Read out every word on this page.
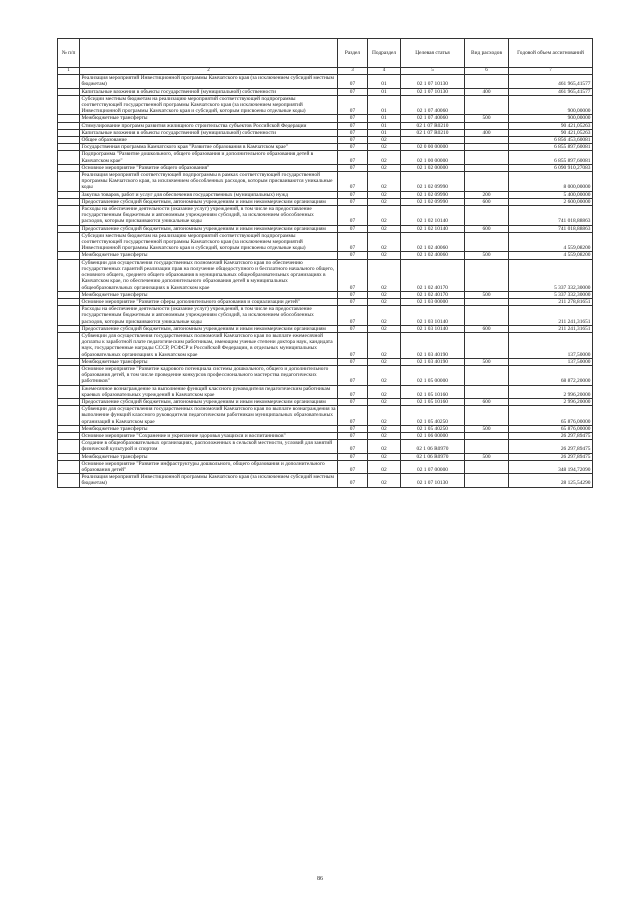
№ п/п		Раздел	Подраздел	Целевая статья	Вид расходов	Годовой объем ассигнований
1	2	3	4	5	6	7
	Реализация мероприятий Инвестиционной программы Камчатского края (за исключением субсидий местным бюджетам)	07	01	02 1 07 10130		461 965,41577
	Капитальные вложения в объекты государственной (муниципальной) собственности	07	01	02 1 07 10130	400	461 965,41577
	Субсидии местным бюджетам на реализацию мероприятий соответствующей подпрограммы соответствующей государственной программы Камчатского края (за исключением мероприятий Инвестиционной программы Камчатского края и субсидий, которым присвоены отдельные коды)	07	01	02 1 07 40060		900,00000
	Межбюджетные трансферты	07	01	02 1 07 40060	500	900,00000
	Стимулирование программ развития жилищного строительства субъектов Российской Федерации	07	01	02 1 07 R0210		90 421,05263
	Капитальные вложения в объекты государственной (муниципальной) собственности	07	01	02 1 07 R0210	400	90 421,05263
	Общее образование	07	02			6 856 453,60081
	Государственная программа Камчатского края "Развитие образования в Камчатском крае"	07	02	02 0 00 00000		6 855 897,60081
	Подпрограмма "Развитие дошкольного, общего образования и дополнительного образования детей в Камчатском крае"	07	02	02 1 00 00000		6 855 897,60081
	Основное мероприятие "Развитие общего образования"	07	02	02 1 02 00000		6 090 910,27083
	Реализация мероприятий соответствующей подпрограммы в рамках соответствующей государственной программы Камчатского края, за исключением обособленных расходов, которым присваиваются уникальные коды	07	02	02 1 02 09990		8 000,00000
	Закупка товаров, работ и услуг для обеспечения государственных (муниципальных) нужд	07	02	02 1 02 09990	200	5 400,00000
	Предоставление субсидий бюджетным, автономным учреждениям и иным некоммерческим организациям	07	02	02 1 02 09990	600	2 600,00000
	Расходы на обеспечение деятельности (оказание услуг) учреждений, в том числе на предоставление государственным бюджетным и автономным учреждениям субсидий, за исключением обособленных расходов, которым присваиваются уникальные коды	07	02	02 1 02 10140		741 018,88863
	Предоставление субсидий бюджетным, автономным учреждениям и иным некоммерческим организациям	07	02	02 1 02 10140	600	741 018,88863
	Субсидии местным бюджетам на реализацию мероприятий соответствующей подпрограммы соответствующей государственной программы Камчатского края (за исключением мероприятий Инвестиционной программы Камчатского края и субсидий, которым присвоены отдельные коды)	07	02	02 1 02 40060		4 559,08200
	Межбюджетные трансферты	07	02	02 1 02 40060	500	4 559,08200
	Субвенции для осуществления государственных полномочий Камчатского края по обеспечению государственных гарантий реализации прав на получение общедоступного и бесплатного начального общего, основного общего, среднего общего образования в муниципальных общеобразовательных организациях в Камчатском крае, по обеспечению дополнительного образования детей в муниципальных общеобразовательных организациях в Камчатском крае	07	02	02 1 02 40170		5 337 332,30000
	Межбюджетные трансферты	07	02	02 1 02 40170	500	5 337 332,30000
	Основное мероприятие "Развитие сферы дополнительного образования и социализации детей"	07	02	02 1 03 00000		211 278,81651
	Расходы на обеспечение деятельности (оказание услуг) учреждений, в том числе на предоставление государственным бюджетным и автономным учреждениям субсидий, за исключением обособленных расходов, которым присваиваются уникальные коды	07	02	02 1 03 10140		211 241,31651
	Предоставление субсидий бюджетным, автономным учреждениям и иным некоммерческим организациям	07	02	02 1 03 10140	600	211 241,31651
	Субвенции для осуществления государственных полномочий Камчатского края по выплате ежемесячной доплаты к заработной плате педагогическим работникам, имеющим ученые степени доктора наук, кандидата наук, государственные награды СССР, РСФСР и Российской Федерации, в отдельных муниципальных образовательных организациях в Камчатском крае	07	02	02 1 03 40190		137,50000
	Межбюджетные трансферты	07	02	02 1 03 40190	500	137,50000
	Основное мероприятие "Развитие кадрового потенциала системы дошкольного, общего и дополнительного образования детей, в том числе проведение конкурсов профессионального мастерства педагогических работников"	07	02	02 1 05 00000		68 872,20000
	Ежемесячное вознаграждение за выполнение функций классного руководителя педагогическим работникам краевых образовательных учреждений в Камчатском крае	07	02	02 1 05 10160		2 996,20000
	Предоставление субсидий бюджетным, автономным учреждениям и иным некоммерческим организациям	07	02	02 1 05 10160	600	2 996,20000
	Субвенции для осуществления государственных полномочий Камчатского края по выплате вознаграждения за выполнение функций классного руководителя педагогическим работникам муниципальных образовательных организаций в Камчатском крае	07	02	02 1 05 40250		65 876,00000
	Межбюджетные трансферты	07	02	02 1 05 40250	500	65 876,00000
	Основное мероприятие "Сохранение и укрепление здоровья учащихся и воспитанников"	07	02	02 1 06 00000		26 297,89475
	Создание в общеобразовательных организациях, расположенных в сельской местности, условий для занятий физической культурой и спортом	07	02	02 1 06 R0970		26 297,89475
	Межбюджетные трансферты	07	02	02 1 06 R0970	500	26 297,89475
	Основное мероприятие "Развитие инфраструктуры дошкольного, общего образования и дополнительного образования детей"	07	02	02 1 07 00000		348 194,72090
	Реализация мероприятий Инвестиционной программы Камчатского края (за исключением субсидий местным бюджетам)	07	02	02 1 07 10130		28 125,54290
86
